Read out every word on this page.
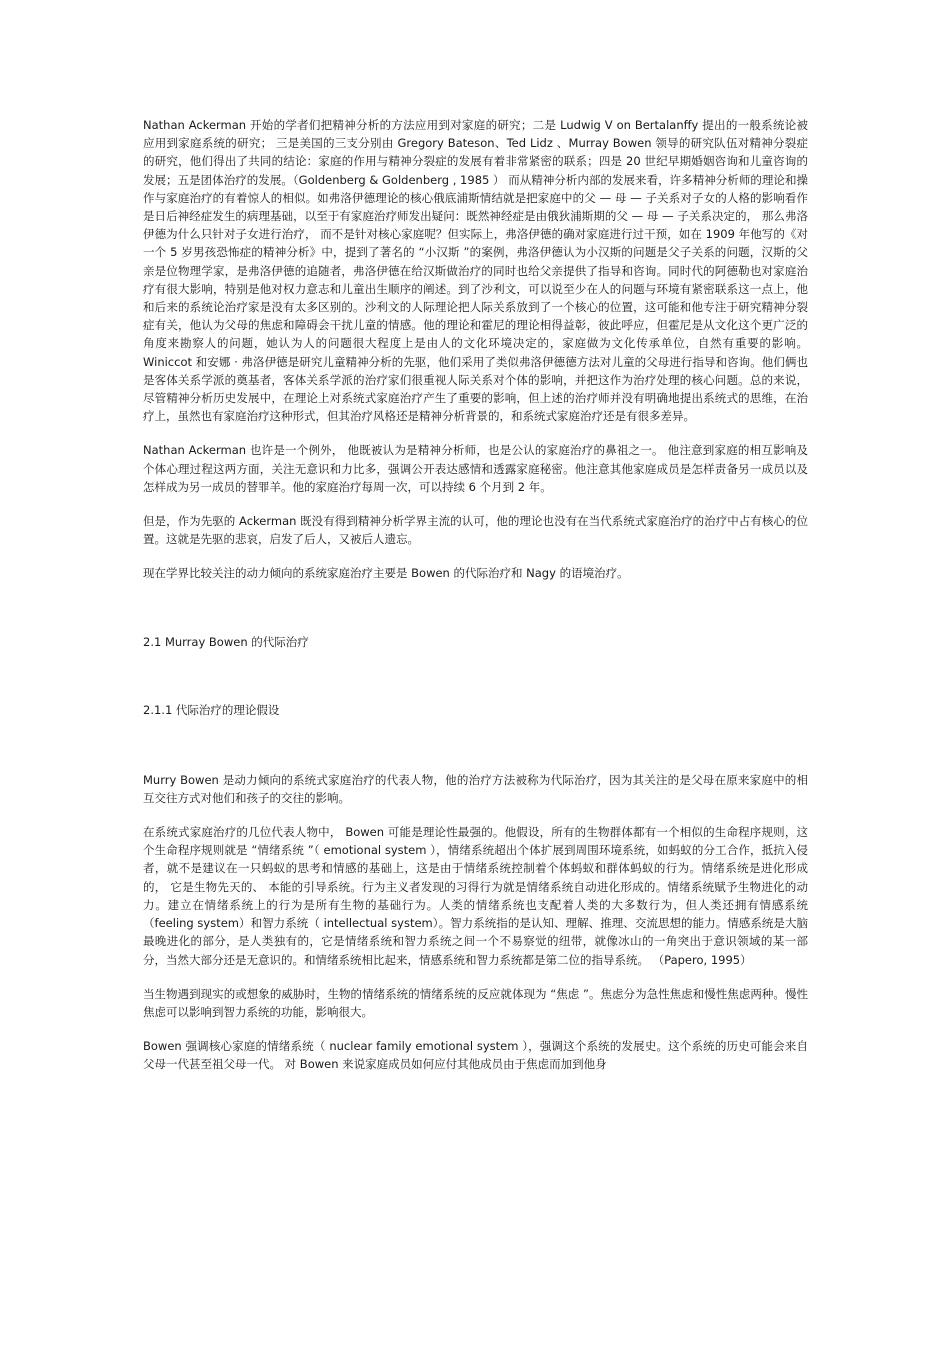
Nathan Ackerman 开始的学者们把精神分析的方法应用到对家庭的研究；二是 Ludwig V on Bertalanffy 提出的一般系统论被应用到家庭系统的研究； 三是美国的三支分别由 Gregory Bateson、Ted Lidz 、Murray Bowen 领导的研究队伍对精神分裂症的研究，他们得出了共同的结论：家庭的作用与精神分裂症的发展有着非常紧密的联系；四是 20 世纪早期婚姻咨询和儿童咨询的发展；五是团体治疗的发展。（Goldenberg & Goldenberg , 1985 ） 而从精神分析内部的发展来看，许多精神分析师的理论和操作与家庭治疗的有着惊人的相似。如弗洛伊德理论的核心俄底浦斯情结就是把家庭中的父 — 母 — 子关系对子女的人格的影响看作是日后神经症发生的病理基础，以至于有家庭治疗师发出疑问：既然神经症是由俄狄浦斯期的父 — 母 — 子关系决定的， 那么弗洛伊德为什么只针对子女进行治疗， 而不是针对核心家庭呢？但实际上，弗洛伊德的确对家庭进行过干预，如在 1909 年他写的《对一个 5 岁男孩恐怖症的精神分析》中，提到了著名的 “小汉斯 ”的案例，弗洛伊德认为小汉斯的问题是父子关系的问题，汉斯的父亲是位物理学家，是弗洛伊德的追随者，弗洛伊德在给汉斯做治疗的同时也给父亲提供了指导和咨询。同时代的阿德勒也对家庭治疗有很大影响，特别是他对权力意志和儿童出生顺序的阐述。到了沙利文，可以说至少在人的问题与环境有紧密联系这一点上，他和后来的系统论治疗家是没有太多区别的。沙利文的人际理论把人际关系放到了一个核心的位置，这可能和他专注于研究精神分裂症有关，他认为父母的焦虑和障碍会干扰儿童的情感。他的理论和霍尼的理论相得益彰，彼此呼应，但霍尼是从文化这个更广泛的角度来勘察人的问题，她认为人的问题很大程度上是由人的文化环境决定的，家庭做为文化传承单位，自然有重要的影响。 Winiccot 和安娜 · 弗洛伊德是研究儿童精神分析的先驱，他们采用了类似弗洛伊德德方法对儿童的父母进行指导和咨询。他们俩也是客体关系学派的奠基者，客体关系学派的治疗家们很重视人际关系对个体的影响，并把这作为治疗处理的核心问题。总的来说，尽管精神分析历史发展中，在理论上对系统式家庭治疗产生了重要的影响，但上述的治疗师并没有明确地提出系统式的思维，在治疗上，虽然也有家庭治疗这种形式，但其治疗风格还是精神分析背景的，和系统式家庭治疗还是有很多差异。

Nathan Ackerman 也许是一个例外， 他既被认为是精神分析师，也是公认的家庭治疗的鼻祖之一。 他注意到家庭的相互影响及个体心理过程这两方面，关注无意识和力比多，强调公开表达感情和透露家庭秘密。他注意其他家庭成员是怎样责备另一成员以及怎样成为另一成员的替罪羊。他的家庭治疗每周一次，可以持续 6 个月到 2 年。

但是，作为先驱的 Ackerman 既没有得到精神分析学界主流的认可，他的理论也没有在当代系统式家庭治疗的治疗中占有核心的位置。这就是先驱的悲哀，启发了后人，又被后人遗忘。

现在学界比较关注的动力倾向的系统家庭治疗主要是 Bowen 的代际治疗和 Nagy 的语境治疗。

2.1 Murray Bowen 的代际治疗

2.1.1 代际治疗的理论假设

Murry Bowen 是动力倾向的系统式家庭治疗的代表人物，他的治疗方法被称为代际治疗，因为其关注的是父母在原来家庭中的相互交往方式对他们和孩子的交往的影响。

在系统式家庭治疗的几位代表人物中， Bowen 可能是理论性最强的。他假设，所有的生物群体都有一个相似的生命程序规则，这个生命程序规则就是 “情绪系统 ”（ emotional system ），情绪系统超出个体扩展到周围环境系统，如蚂蚁的分工合作，抵抗入侵者，就不是建议在一只蚂蚁的思考和情感的基础上，这是由于情绪系统控制着个体蚂蚁和群体蚂蚁的行为。情绪系统是进化形成的， 它是生物先天的、 本能的引导系统。行为主义者发现的习得行为就是情绪系统自动进化形成的。情绪系统赋予生物进化的动力。建立在情绪系统上的行为是所有生物的基础行为。人类的情绪系统也支配着人类的大多数行为，但人类还拥有情感系统（feeling system）和智力系统（ intellectual system）。智力系统指的是认知、理解、推理、交流思想的能力。情感系统是大脑最晚进化的部分，是人类独有的，它是情绪系统和智力系统之间一个不易察觉的纽带，就像冰山的一角突出于意识领域的某一部分，当然大部分还是无意识的。和情绪系统相比起来，情感系统和智力系统都是第二位的指导系统。 （Papero, 1995）

当生物遇到现实的或想象的威胁时，生物的情绪系统的情绪系统的反应就体现为 “焦虑 ”。焦虑分为急性焦虑和慢性焦虑两种。慢性焦虑可以影响到智力系统的功能，影响很大。

Bowen 强调核心家庭的情绪系统（ nuclear family emotional system ），强调这个系统的发展史。这个系统的历史可能会来自父母一代甚至祖父母一代。 对 Bowen 来说家庭成员如何应付其他成员由于焦虑而加到他身
